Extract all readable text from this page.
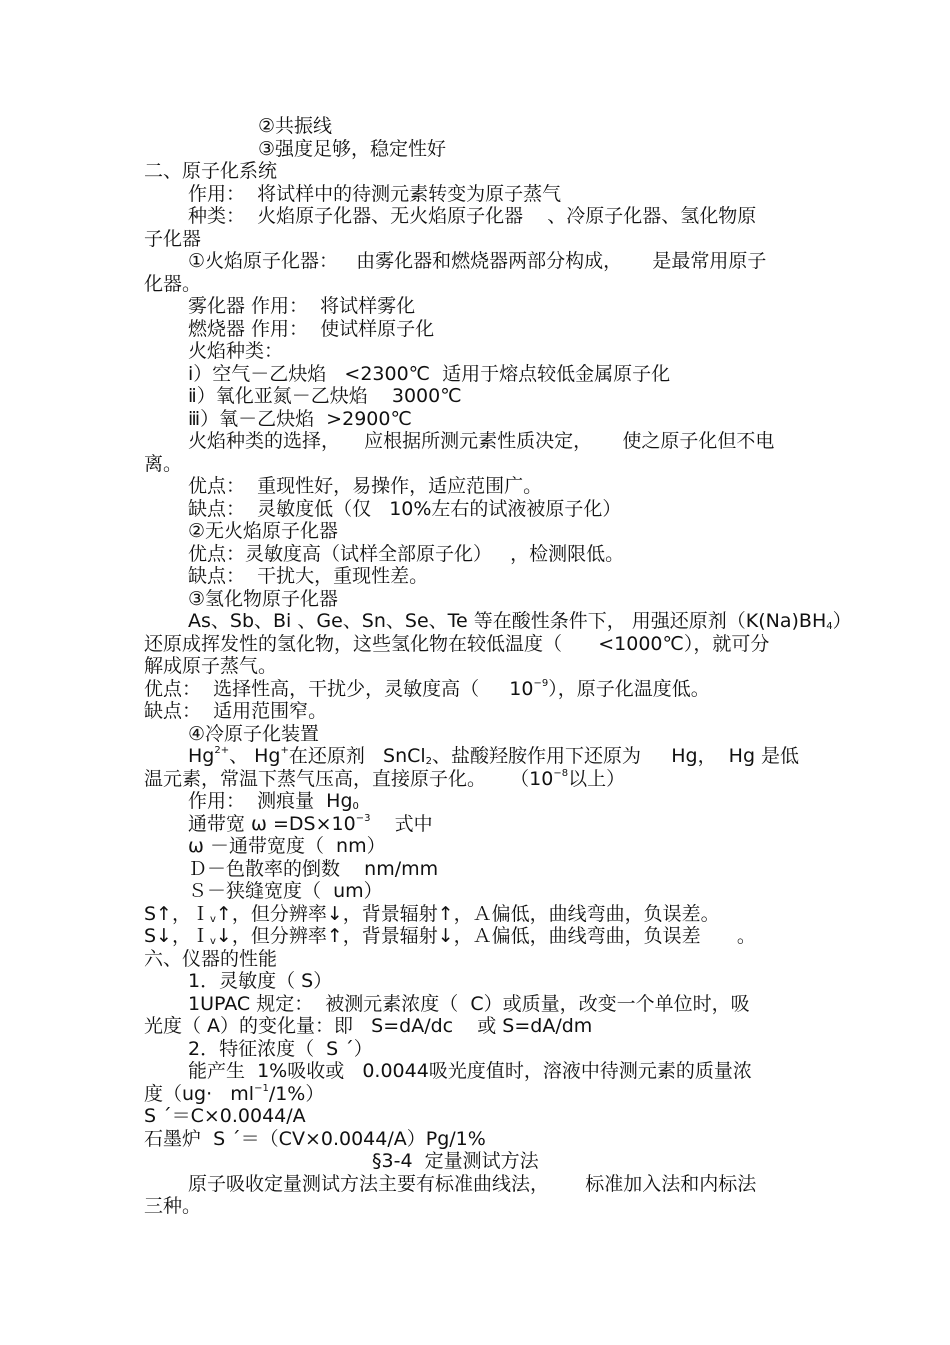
②共振线
③强度足够，稳定性好
二、原子化系统
作用：  将试样中的待测元素转变为原子蒸气
种类：  火焰原子化器、无火焰原子化器    、冷原子化器、氢化物原
子化器
①火焰原子化器：   由雾化器和燃烧器两部分构成，     是最常用原子
化器。
雾化器 作用：  将试样雾化
燃烧器 作用：  使试样原子化
火焰种类：
ⅰ）空气－乙炔焰   <2300℃  适用于熔点较低金属原子化
ⅱ）氧化亚氮－乙炔焰    3000℃
ⅲ）氧－乙炔焰  >2900℃
火焰种类的选择，    应根据所测元素性质决定，     使之原子化但不电
离。
优点：  重现性好，易操作，适应范围广。
缺点：  灵敏度低（仅   10%左右的试液被原子化）
②无火焰原子化器
优点：灵敏度高（试样全部原子化）   ，检测限低。
缺点：  干扰大，重现性差。
③氢化物原子化器
As、Sb、Bi 、Ge、Sn、Se、Te 等在酸性条件下， 用强还原剂$(K(Na)BH_4)$
还原成挥发性的氢化物，这些氢化物在较低温度（      <1000℃），就可分
解成原子蒸气。
优点：  选择性高，干扰少，灵敏度高（     $10^{-9}$），原子化温度低。
缺点：  适用范围窄。
④冷原子化装置
$Hg^{2+}$、 Hg+在还原剂   SnCl$_2$、盐酸羟胺作用下还原为     Hg，  Hg 是低
温元素，常温下蒸气压高，直接原子化。    （$10^{-8}$以上）
作用：  测痕量  $Hg_0$
通带宽 $\omega =DS\times 10^{-3}$    式中
ω －通带宽度（  nm）
Ｄ－色散率的倒数    nm/mm
Ｓ－狭缝宽度（  um）
S↑，Ｉ$_v$↑，但分辨率↓，背景辐射↑，Ａ偏低，曲线弯曲，负误差。
S↓，Ｉ$_v$↓，但分辨率↑，背景辐射↓，Ａ偏低，曲线弯曲，负误差      。
六、仪器的性能
1．灵敏度（ S）
1UPAC 规定：  被测元素浓度（  C）或质量，改变一个单位时，吸
光度（ A）的变化量：即   S=dA/dc    或 S=dA/dm
2．特征浓度（  S ´）
能产生  1%吸收或   0.0044吸光度值时，溶液中待测元素的质量浓
度$(ug\cdot ml^{-1}/1\%)$
S ´＝C×0.0044/A
石墨炉  S ´＝（CV×0.0044/A）Pg/1%
§3-4  定量测试方法
原子吸收定量测试方法主要有标准曲线法，      标准加入法和内标法
三种。
